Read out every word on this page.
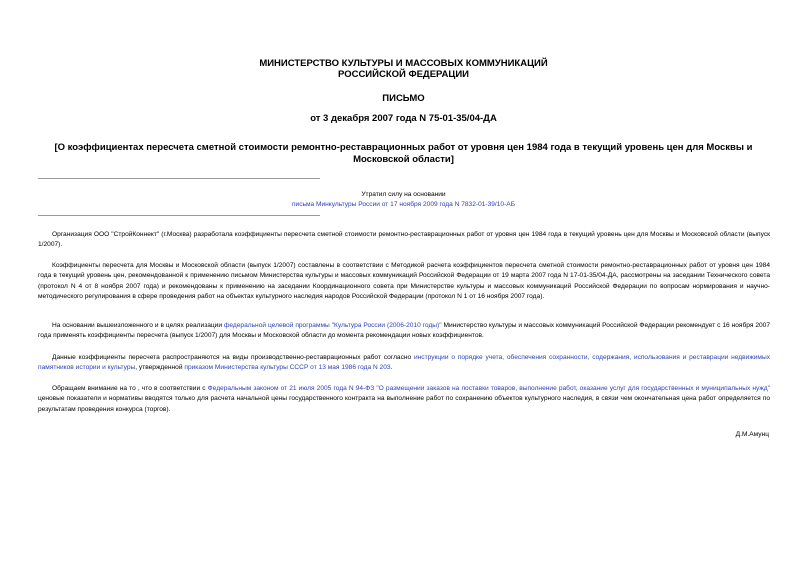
МИНИСТЕРСТВО КУЛЬТУРЫ И МАССОВЫХ КОММУНИКАЦИЙ
РОССИЙСКОЙ ФЕДЕРАЦИИ
ПИСЬМО
от 3 декабря 2007 года N 75-01-35/04-ДА
[О коэффициентах пересчета сметной стоимости ремонтно-реставрационных работ от уровня цен 1984 года в текущий уровень цен для Москвы и Московской области]
Утратил силу на основании
письма Минкультуры России от 17 ноября 2009 года N 7832-01-39/10-АБ

Организация ООО "СтройКоннект" (г.Москва) разработала коэффициенты пересчета сметной стоимости ремонтно-реставрационных работ от уровня цен 1984 года в текущий уровень цен для Москвы и Московской области (выпуск 1/2007).

Коэффициенты пересчета для Москвы и Московской области (выпуск 1/2007) составлены в соответствии с Методикой расчета коэффициентов пересчета сметной стоимости ремонтно-реставрационных работ от уровня цен 1984 года в текущий уровень цен, рекомендованной к применению письмом Министерства культуры и массовых коммуникаций Российской Федерации от 19 марта 2007 года N 17-01-35/04-ДА, рассмотрены на заседании Технического совета (протокол N 4 от 8 ноября 2007 года) и рекомендованы к применению на заседании Координационного совета при Министерстве культуры и массовых коммуникаций Российской Федерации по вопросам нормирования и научно-методического регулирования в сфере проведения работ на объектах культурного наследия народов Российской Федерации (протокол N 1 от 16 ноября 2007 года).

На основании вышеизложенного и в целях реализации федеральной целевой программы "Культура России (2006-2010 годы)" Министерство культуры и массовых коммуникаций Российской Федерации рекомендует с 16 ноября 2007 года применять коэффициенты пересчета (выпуск 1/2007) для Москвы и Московской области до момента рекомендации новых коэффициентов.

Данные коэффициенты пересчета распространяются на виды производственно-реставрационных работ согласно инструкции о порядке учета, обеспечения сохранности, содержания, использования и реставрации недвижимых памятников истории и культуры, утвержденной приказом Министерства культуры СССР от 13 мая 1986 года N 203.

Обращаем внимание на то , что в соответствии с Федеральным законом от 21 июля 2005 года N 94-ФЗ "О размещении заказов на поставки товаров, выполнение работ, оказание услуг для государственных и муниципальных нужд" ценовые показатели и нормативы вводятся только для расчета начальной цены государственного контракта на выполнение работ по сохранению объектов культурного наследия, в связи чем окончательная цена работ определяется по результатам проведения конкурса (торгов).

Д.М.Амунц
